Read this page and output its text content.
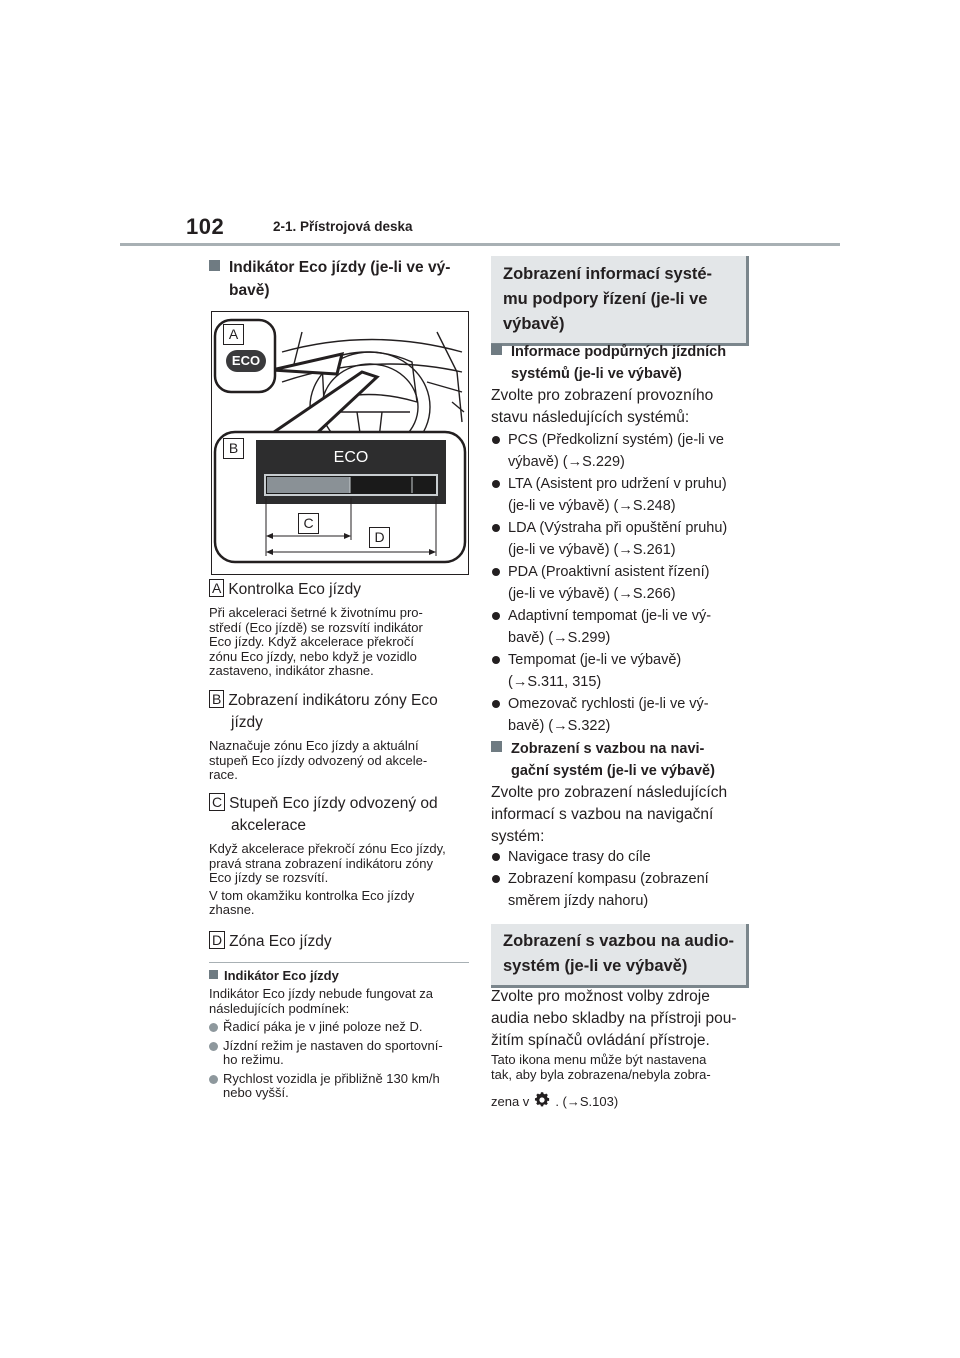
102	2-1. Přístrojová deska
Indikátor Eco jízdy (je-li ve vý-
bavě)
A
ECO
B
ECO
C
D
A Kontrolka Eco jízdy
Při akceleraci šetrné k životnímu pro-
středí (Eco jízdě) se rozsvítí indikátor
Eco jízdy. Když akcelerace překročí
zónu Eco jízdy, nebo když je vozidlo
zastaveno, indikátor zhasne.
B Zobrazení indikátoru zóny Eco
jízdy
Naznačuje zónu Eco jízdy a aktuální
stupeň Eco jízdy odvozený od akcele-
race.
C Stupeň Eco jízdy odvozený od
akcelerace
Když akcelerace překročí zónu Eco jízdy,
pravá strana zobrazení indikátoru zóny
Eco jízdy se rozsvítí.
V tom okamžiku kontrolka Eco jízdy
zhasne.
D Zóna Eco jízdy
Indikátor Eco jízdy
Indikátor Eco jízdy nebude fungovat za
následujících podmínek:
Řadicí páka je v jiné poloze než D.
Jízdní režim je nastaven do sportovní-
ho režimu.
Rychlost vozidla je přibližně 130 km/h
nebo vyšší.
Zobrazení informací systé-
mu podpory řízení (je-li ve
výbavě)
Informace podpůrných jízdních
systémů (je-li ve výbavě)
Zvolte pro zobrazení provozního
stavu následujících systémů:
PCS (Předkolizní systém) (je-li ve
výbavě) (→S.229)
LTA (Asistent pro udržení v pruhu)
(je-li ve výbavě) (→S.248)
LDA (Výstraha při opuštění pruhu)
(je-li ve výbavě) (→S.261)
PDA (Proaktivní asistent řízení)
(je-li ve výbavě) (→S.266)
Adaptivní tempomat (je-li ve vý-
bavě) (→S.299)
Tempomat (je-li ve výbavě)
(→S.311, 315)
Omezovač rychlosti (je-li ve vý-
bavě) (→S.322)
Zobrazení s vazbou na navi-
gační systém (je-li ve výbavě)
Zvolte pro zobrazení následujících
informací s vazbou na navigační
systém:
Navigace trasy do cíle
Zobrazení kompasu (zobrazení
směrem jízdy nahoru)
Zobrazení s vazbou na audio-
systém (je-li ve výbavě)
Zvolte pro možnost volby zdroje
audia nebo skladby na přístroji pou-
žitím spínačů ovládání přístroje.
Tato ikona menu může být nastavena
tak, aby byla zobrazena/nebyla zobra-
zena v . (→S.103)
